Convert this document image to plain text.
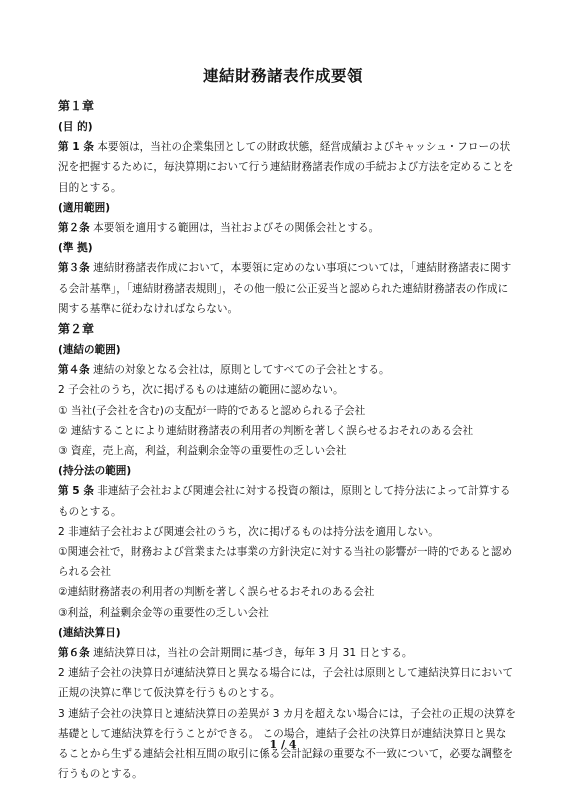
連結財務諸表作成要領
第１章
(目 的)

第 1 条 本要領は，当社の企業集団としての財政状態，経営成績およびキャッシュ・フローの状況を把握するために，毎決算期において行う連結財務諸表作成の手続および方法を定めることを目的とする。

(適用範囲)

第２条 本要領を適用する範囲は，当社およびその関係会社とする。

(準 拠)

第３条 連結財務諸表作成において，本要領に定めのない事項については，「連結財務諸表に関する会計基準」，「連結財務諸表規則」，その他一般に公正妥当と認められた連結財務諸表の作成に関する基準に従わなければならない。

第２章
(連結の範囲)

第４条 連結の対象となる会社は，原則としてすべての子会社とする。

2 子会社のうち，次に掲げるものは連結の範囲に認めない。

① 当社(子会社を含む)の支配が一時的であると認められる子会社

② 連結することにより連結財務諸表の利用者の判断を著しく誤らせるおそれのある会社

③ 資産，売上高，利益，利益剰余金等の重要性の乏しい会社

(持分法の範囲)

第 5 条 非連結子会社および関連会社に対する投資の額は，原則として持分法によって計算するものとする。

2 非連結子会社および関連会社のうち，次に掲げるものは持分法を適用しない。

①関連会社で，財務および営業または事業の方針決定に対する当社の影響が一時的であると認められる会社

②連結財務諸表の利用者の判断を著しく誤らせるおそれのある会社

③利益，利益剰余金等の重要性の乏しい会社

(連結決算日)

第６条 連結決算日は，当社の会計期間に基づき，毎年 3 月 31 日とする。

2 連結子会社の決算日が連結決算日と異なる場合には，子会社は原則として連結決算日において正規の決算に準じて仮決算を行うものとする。

3 連結子会社の決算日と連結決算日の差異が 3 カ月を超えない場合には，子会社の正規の決算を基礎として連結決算を行うことができる。 この場合，連結子会社の決算日が連結決算日と異なることから生ずる連結会社相互間の取引に係る会計記録の重要な不一致について，必要な調整を行うものとする。

1 / 4
